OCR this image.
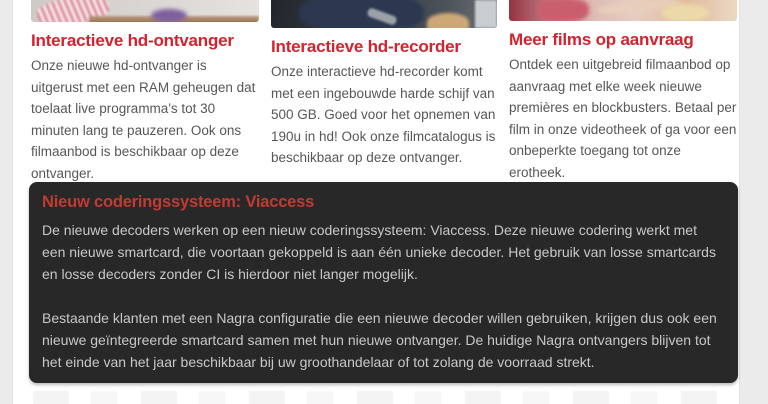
Interactieve hd-ontvanger

Onze nieuwe hd-ontvanger is uitgerust met een RAM geheugen dat toelaat live programma's tot 30 minuten lang te pauzeren. Ook ons filmaanbod is beschikbaar op deze ontvanger.

Interactieve hd-recorder

Onze interactieve hd-recorder komt met een ingebouwde harde schijf van 500 GB. Goed voor het opnemen van 190u in hd! Ook onze filmcatalogus is beschikbaar op deze ontvanger.

Meer films op aanvraag

Ontdek een uitgebreid filmaanbod op aanvraag met elke week nieuwe premières en blockbusters. Betaal per film in onze videotheek of ga voor een onbeperkte toegang tot onze erotheek.

Nieuw coderingssysteem: Viaccess

De nieuwe decoders werken op een nieuw coderingssysteem: Viaccess. Deze nieuwe codering werkt met een nieuwe smartcard, die voortaan gekoppeld is aan één unieke decoder. Het gebruik van losse smartcards en losse decoders zonder CI is hierdoor niet langer mogelijk.

Bestaande klanten met een Nagra configuratie die een nieuwe decoder willen gebruiken, krijgen dus ook een nieuwe geïntegreerde smartcard samen met hun nieuwe ontvanger. De huidige Nagra ontvangers blijven tot het einde van het jaar beschikbaar bij uw groothandelaar of tot zolang de voorraad strekt.
